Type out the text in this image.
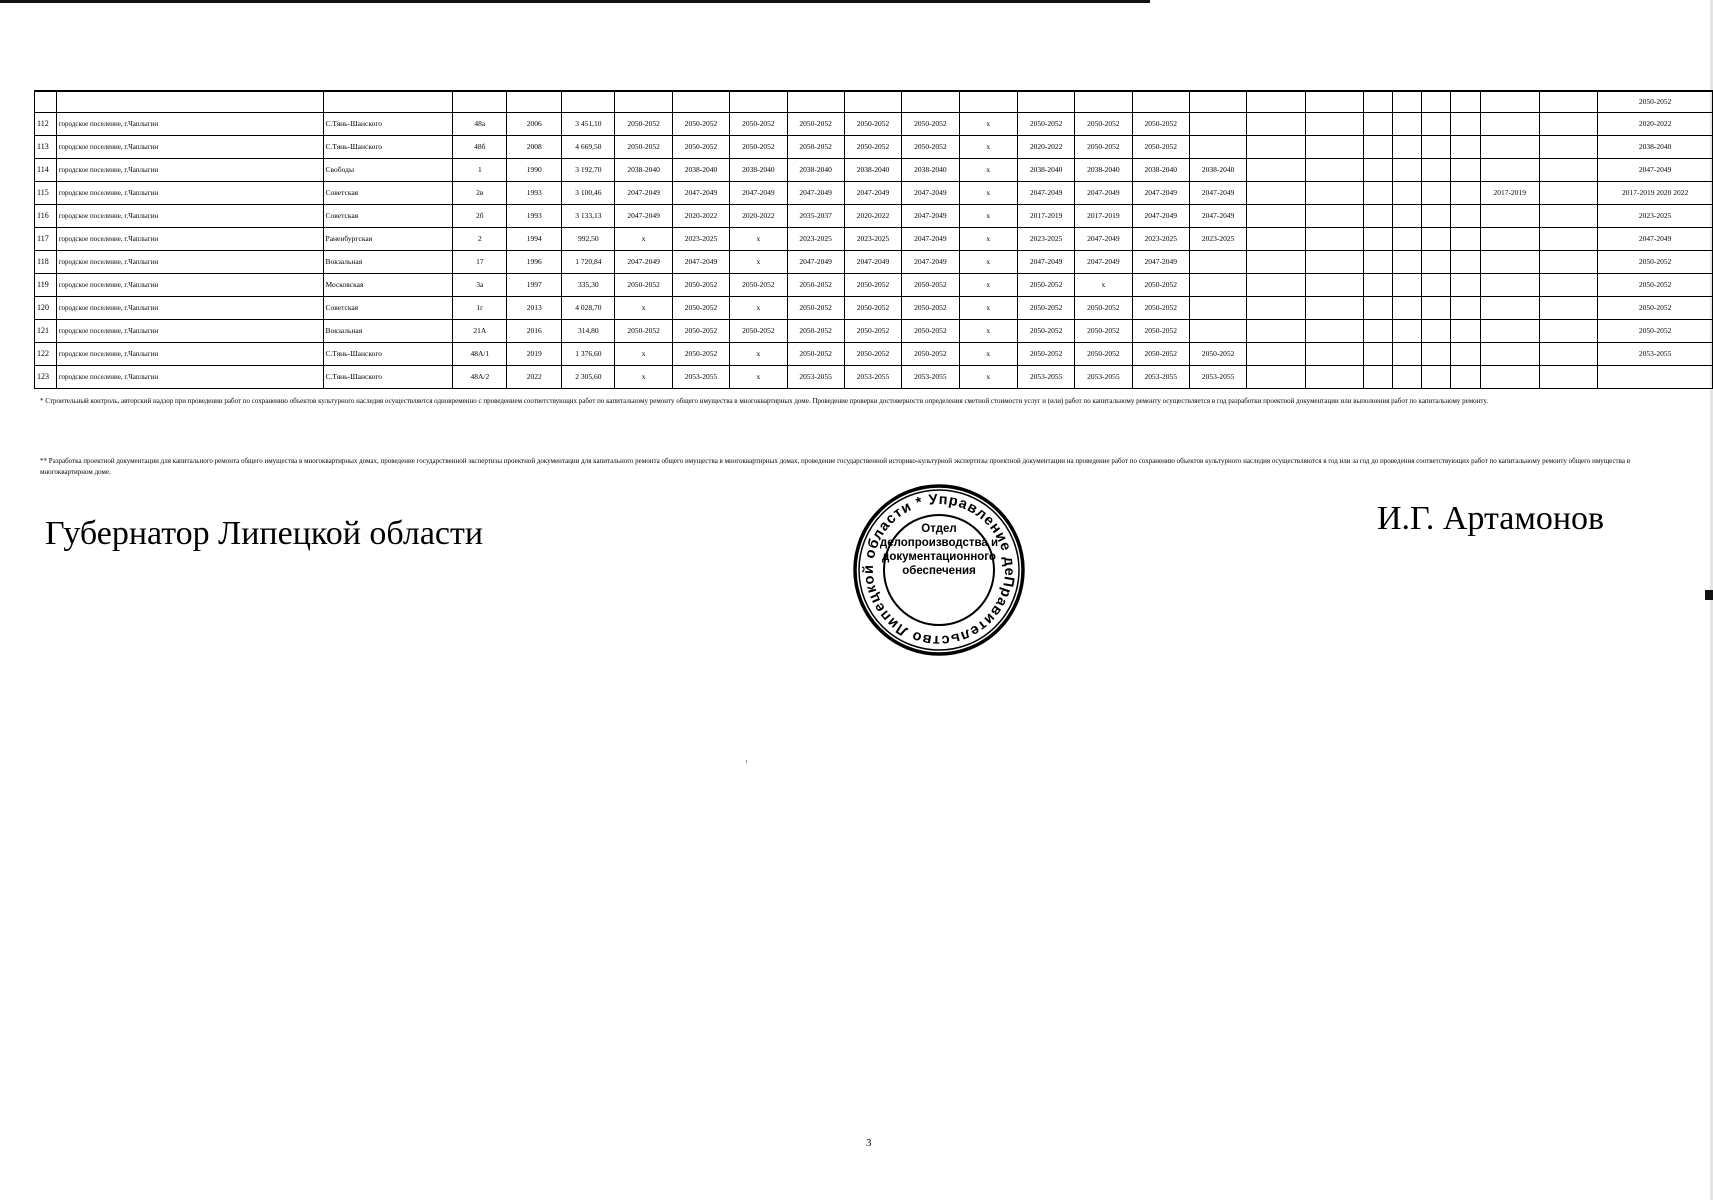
																									2050-2052
112	городское поселение, г.Чаплыгин	С.Тянь-Шанского	48а	2006	3 451,10	2050-2052	2050-2052	2050-2052	2050-2052	2050-2052	2050-2052	х	2050-2052	2050-2052	2050-2052										2020-2022
113	городское поселение, г.Чаплыгин	С.Тянь-Шанского	48б	2008	4 669,50	2050-2052	2050-2052	2050-2052	2050-2052	2050-2052	2050-2052	х	2020-2022	2050-2052	2050-2052										2038-2040
114	городское поселение, г.Чаплыгин	Свободы	1	1990	3 192,70	2038-2040	2038-2040	2038-2040	2038-2040	2038-2040	2038-2040	х	2038-2040	2038-2040	2038-2040	2038-2040									2047-2049
115	городское поселение, г.Чаплыгин	Советская	2в	1993	3 100,46	2047-2049	2047-2049	2047-2049	2047-2049	2047-2049	2047-2049	х	2047-2049	2047-2049	2047-2049	2047-2049							2017-2019		2017-2019 2020 2022
116	городское поселение, г.Чаплыгин	Советская	2б	1993	3 133,13	2047-2049	2020-2022	2020-2022	2035-2037	2020-2022	2047-2049	х	2017-2019	2017-2019	2047-2049	2047-2049									2023-2025
117	городское поселение, г.Чаплыгин	Раненбургская	2	1994	992,50	х	2023-2025	х	2023-2025	2023-2025	2047-2049	х	2023-2025	2047-2049	2023-2025	2023-2025									2047-2049
118	городское поселение, г.Чаплыгин	Вокзальная	17	1996	1 720,84	2047-2049	2047-2049	х	2047-2049	2047-2049	2047-2049	х	2047-2049	2047-2049	2047-2049										2050-2052
119	городское поселение, г.Чаплыгин	Московская	3а	1997	335,30	2050-2052	2050-2052	2050-2052	2050-2052	2050-2052	2050-2052	х	2050-2052	х	2050-2052										2050-2052
120	городское поселение, г.Чаплыгин	Советская	1г	2013	4 028,70	х	2050-2052	х	2050-2052	2050-2052	2050-2052	х	2050-2052	2050-2052	2050-2052										2050-2052
121	городское поселение, г.Чаплыгин	Вокзальная	21А	2016	314,80	2050-2052	2050-2052	2050-2052	2050-2052	2050-2052	2050-2052	х	2050-2052	2050-2052	2050-2052										2050-2052
122	городское поселение, г.Чаплыгин	С.Тянь-Шанского	48А/1	2019	1 376,60	х	2050-2052	х	2050-2052	2050-2052	2050-2052	х	2050-2052	2050-2052	2050-2052	2050-2052									2053-2055
123	городское поселение, г.Чаплыгин	С.Тянь-Шанского	48А/2	2022	2 305,60	х	2053-2055	х	2053-2055	2053-2055	2053-2055	х	2053-2055	2053-2055	2053-2055	2053-2055									
* Строительный контроль, авторский надзор при проведении работ по сохранению объектов культурного наследия осуществляется одновременно с проведением соответствующих работ по капитальному ремонту общего имущества в многоквартирных доме. Проведение проверки достоверности определения сметной стоимости услуг и (или) работ по капитальному ремонту осуществляется в год разработки проектной документации или выполнения работ по капитальному ремонту.
** Разработка проектной документации для капитального ремонта общего имущества в многоквартирных домах, проведение государственной экспертизы проектной документации для капитального ремонта общего имущества в многоквартирных домах, проведение государственной историко-культурной экспертизы проектной документации на проведение работ по сохранению объектов культурного наследия осуществляются в год или за год до проведения соответствующих работ по капитальному ремонту общего имущества в многоквартирном доме.
Губернатор Липецкой области	И.Г. Артамонов
Правительство Липецкой области * Управление делами
Отдел
делопроизводства и
документационного
обеспечения
3
